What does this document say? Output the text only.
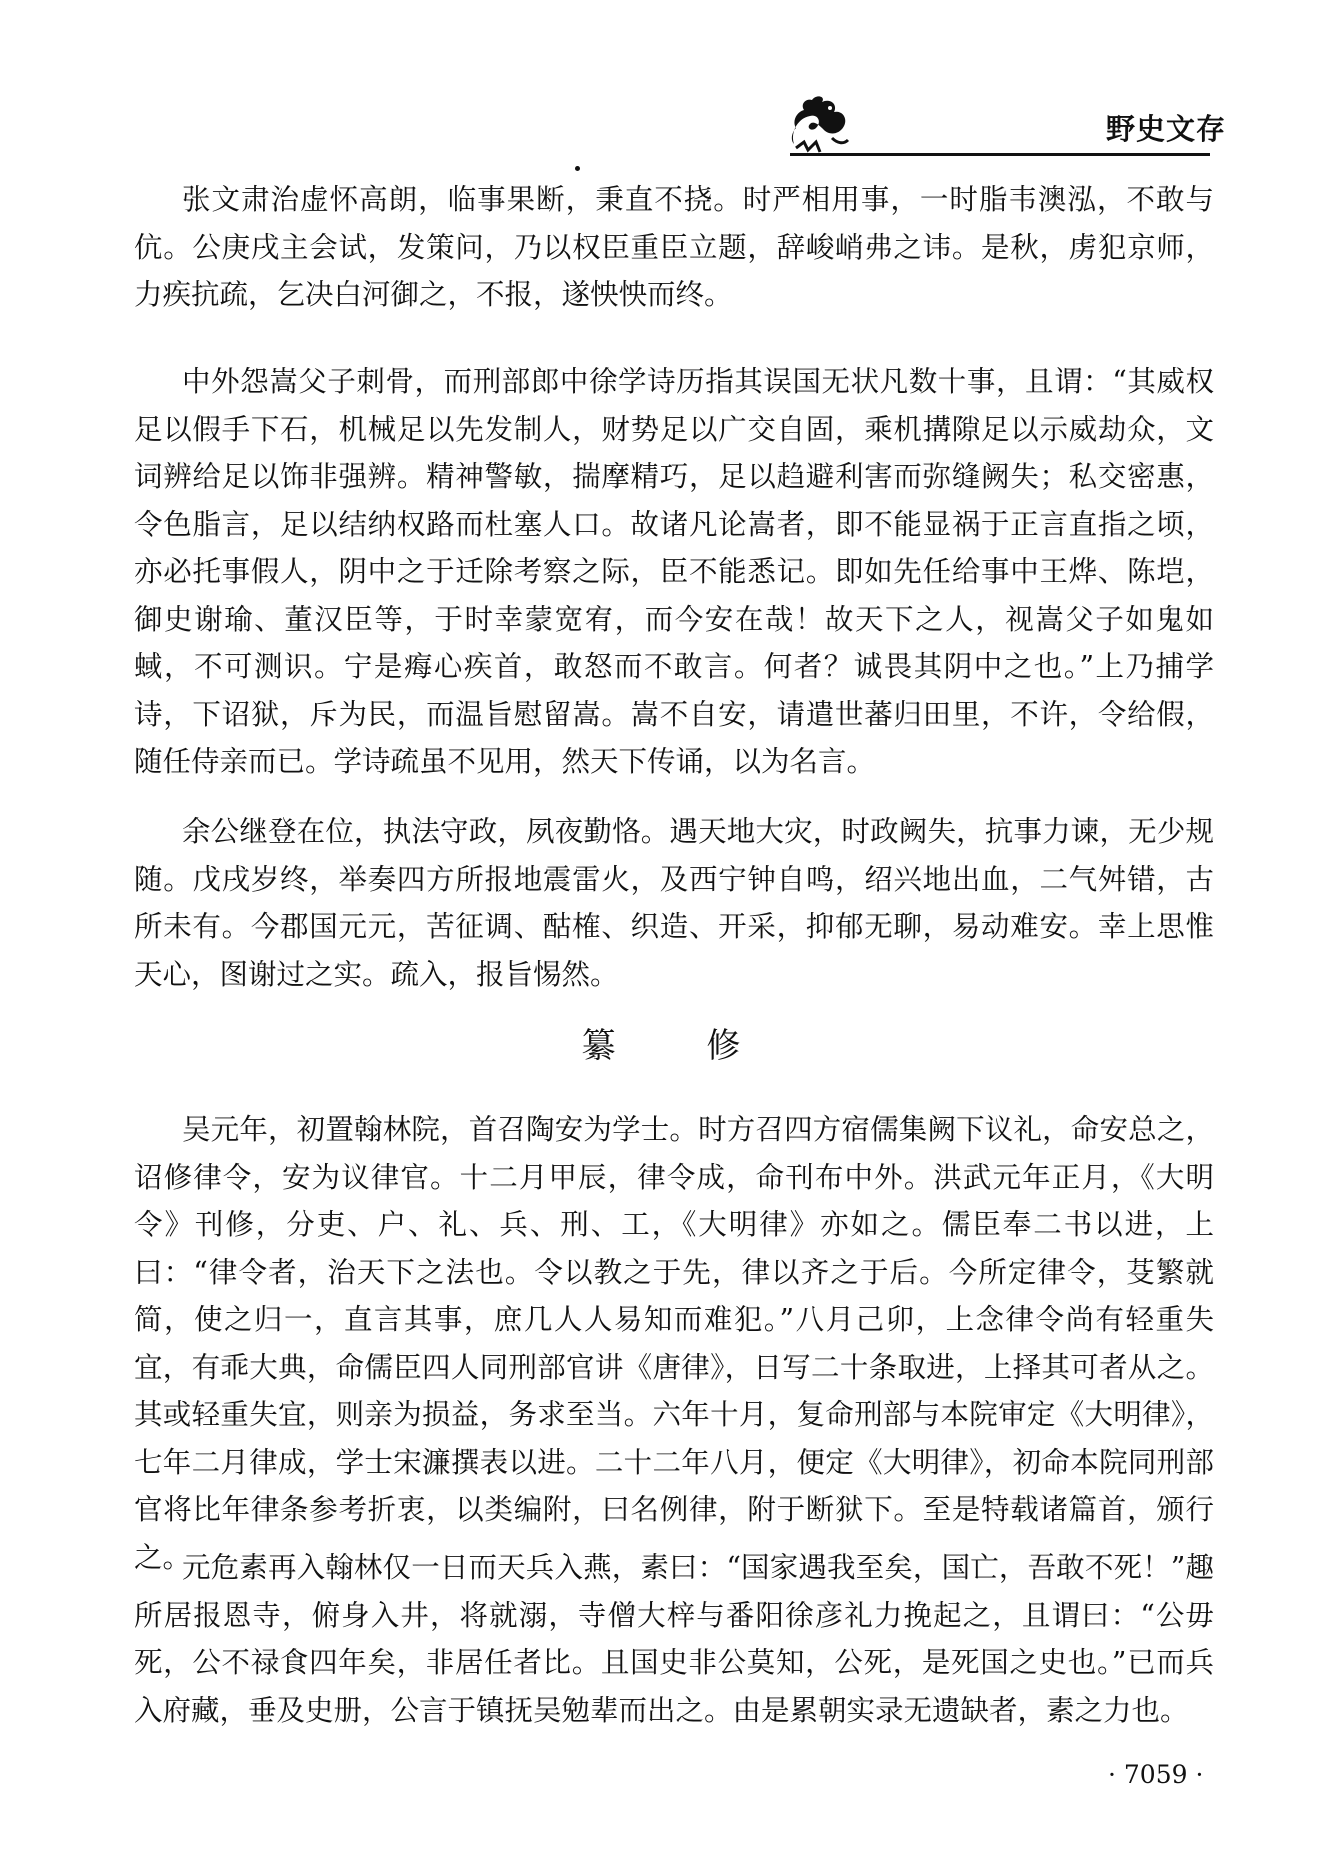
野史文存

张文肃治虚怀高朗，临事果断，秉直不挠。时严相用事，一时脂韦澳泓，不敢与伉。公庚戌主会试，发策问，乃以权臣重臣立题，辞峻峭弗之讳。是秋，虏犯京师，力疾抗疏，乞决白河御之，不报，遂怏怏而终。

中外怨嵩父子刺骨，而刑部郎中徐学诗历指其误国无状凡数十事，且谓：“其威权足以假手下石，机械足以先发制人，财势足以广交自固，乘机搆隙足以示威劫众，文词辨给足以饰非强辨。精神警敏，揣摩精巧，足以趋避利害而弥缝阙失；私交密惠，令色脂言，足以结纳权路而杜塞人口。故诸凡论嵩者，即不能显祸于正言直指之顷，亦必托事假人，阴中之于迁除考察之际，臣不能悉记。即如先任给事中王烨、陈垲，御史谢瑜、董汉臣等，于时幸蒙宽宥，而今安在哉！故天下之人，视嵩父子如鬼如蜮，不可测识。宁是痗心疾首，敢怒而不敢言。何者？诚畏其阴中之也。”上乃捕学诗，下诏狱，斥为民，而温旨慰留嵩。嵩不自安，请遣世蕃归田里，不许，令给假，随任侍亲而已。学诗疏虽不见用，然天下传诵，以为名言。

余公继登在位，执法守政，夙夜勤恪。遇天地大灾，时政阙失，抗事力谏，无少规随。戊戌岁终，举奏四方所报地震雷火，及西宁钟自鸣，绍兴地出血，二气舛错，古所未有。今郡国元元，苦征调、酤榷、织造、开采，抑郁无聊，易动难安。幸上思惟天心，图谢过之实。疏入，报旨惕然。

纂 修

吴元年，初置翰林院，首召陶安为学士。时方召四方宿儒集阙下议礼，命安总之，诏修律令，安为议律官。十二月甲辰，律令成，命刊布中外。洪武元年正月，《大明令》刊修，分吏、户、礼、兵、刑、工，《大明律》亦如之。儒臣奉二书以进，上曰：“律令者，治天下之法也。令以教之于先，律以齐之于后。今所定律令，芟繁就简，使之归一，直言其事，庶几人人易知而难犯。”八月己卯，上念律令尚有轻重失宜，有乖大典，命儒臣四人同刑部官讲《唐律》，日写二十条取进，上择其可者从之。其或轻重失宜，则亲为损益，务求至当。六年十月，复命刑部与本院审定《大明律》，七年二月律成，学士宋濂撰表以进。二十二年八月，便定《大明律》，初命本院同刑部官将比年律条参考折衷，以类编附，曰名例律，附于断狱下。至是特载诸篇首，颁行之。

元危素再入翰林仅一日而天兵入燕，素曰：“国家遇我至矣，国亡，吾敢不死！”趣所居报恩寺，俯身入井，将就溺，寺僧大梓与番阳徐彦礼力挽起之，且谓曰：“公毋死，公不禄食四年矣，非居任者比。且国史非公莫知，公死，是死国之史也。”已而兵入府藏，垂及史册，公言于镇抚吴勉辈而出之。由是累朝实录无遗缺者，素之力也。

· 7059 ·
